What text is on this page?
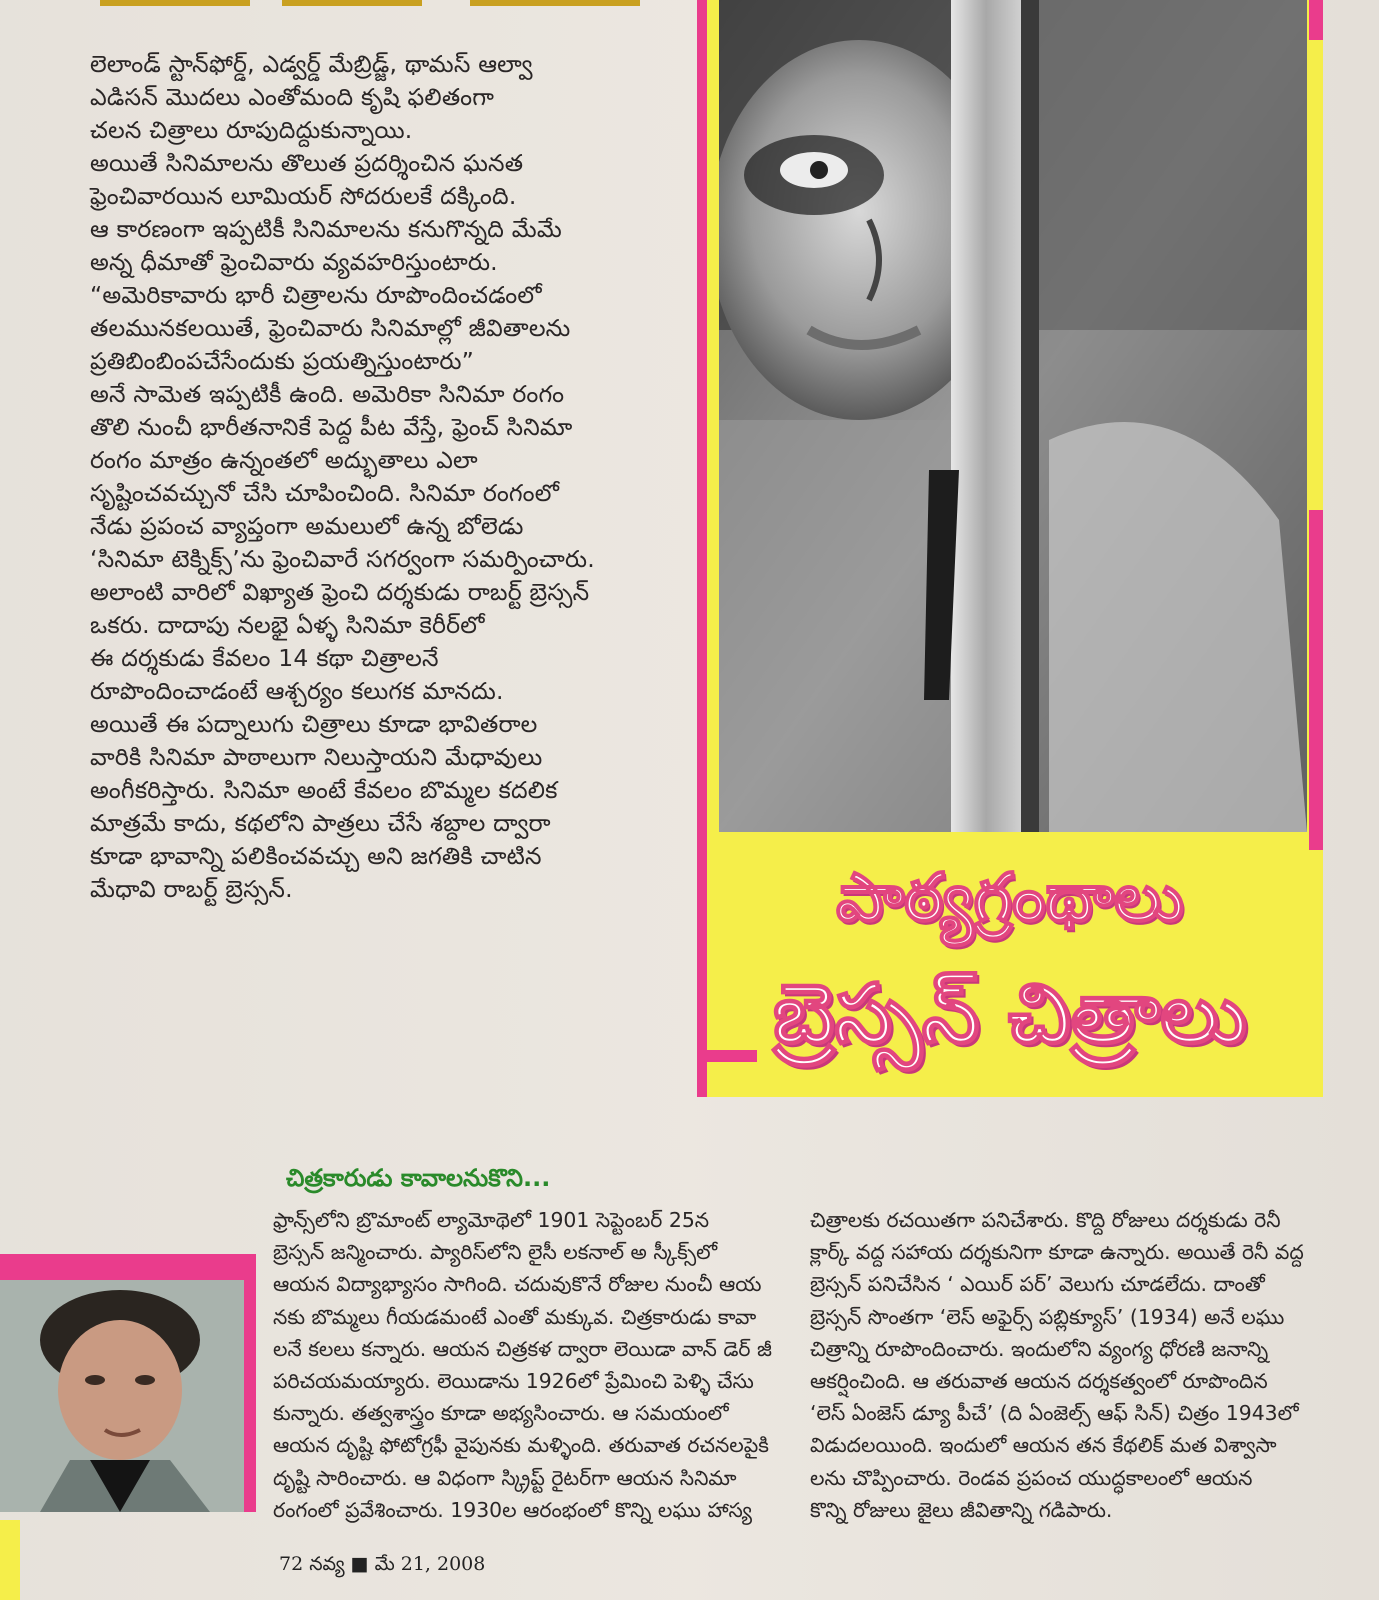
లెలాండ్ స్టాన్‌ఫోర్డ్, ఎడ్వర్డ్ మేబ్రిడ్జ్, థామస్ ఆల్వా

ఎడిసన్ మొదలు ఎంతోమంది కృషి ఫలితంగా

చలన చిత్రాలు రూపుదిద్దుకున్నాయి.

అయితే సినిమాలను తొలుత ప్రదర్శించిన ఘనత

ఫ్రెంచివారయిన లూమియర్ సోదరులకే దక్కింది.

ఆ కారణంగా ఇప్పటికీ సినిమాలను కనుగొన్నది మేమే

అన్న ధీమాతో ఫ్రెంచివారు వ్యవహరిస్తుంటారు.

“అమెరికావారు భారీ చిత్రాలను రూపొందించడంలో

తలమునకలయితే, ఫ్రెంచివారు సినిమాల్లో జీవితాలను

ప్రతిబింబింపచేసేందుకు ప్రయత్నిస్తుంటారు”

అనే సామెత ఇప్పటికీ ఉంది. అమెరికా సినిమా రంగం

తొలి నుంచీ భారీతనానికే పెద్ద పీట వేస్తే, ఫ్రెంచ్ సినిమా

రంగం మాత్రం ఉన్నంతలో అద్భుతాలు ఎలా

సృష్టించవచ్చునో చేసి చూపించింది. సినిమా రంగంలో

నేడు ప్రపంచ వ్యాప్తంగా అమలులో ఉన్న బోలెడు

‘సినిమా టెక్నిక్స్’ను ఫ్రెంచివారే సగర్వంగా సమర్పించారు.

అలాంటి వారిలో విఖ్యాత ఫ్రెంచి దర్శకుడు రాబర్ట్ బ్రెస్సన్

ఒకరు. దాదాపు నలభై ఏళ్ళ సినిమా కెరీర్‌లో

ఈ దర్శకుడు కేవలం 14 కథా చిత్రాలనే

రూపొందించాడంటే ఆశ్చర్యం కలుగక మానదు.

అయితే ఈ పద్నాలుగు చిత్రాలు కూడా భావితరాల

వారికి సినిమా పాఠాలుగా నిలుస్తాయని మేధావులు

అంగీకరిస్తారు. సినిమా అంటే కేవలం బొమ్మల కదలిక

మాత్రమే కాదు, కథలోని పాత్రలు చేసే శబ్దాల ద్వారా

కూడా భావాన్ని పలికించవచ్చు అని జగతికి చాటిన

మేధావి రాబర్ట్ బ్రెస్సన్.	పాఠ్యగ్రంథాలు
బ్రెస్సన్ చిత్రాలు
చిత్రకారుడు కావాలనుకొని...

ఫ్రాన్స్‌లోని బ్రొమాంట్ ల్యామోథెలో 1901 సెప్టెంబర్ 25న

బ్రెస్సన్ జన్మించారు. ప్యారిస్‌లోని లైసీ లకనాల్ అ స్కీక్స్‌లో

ఆయన విద్యాభ్యాసం సాగింది. చదువుకొనే రోజుల నుంచీ ఆయ

నకు బొమ్మలు గీయడమంటే ఎంతో మక్కువ. చిత్రకారుడు కావా

లనే కలలు కన్నారు. ఆయన చిత్రకళ ద్వారా లెయిడా వాన్ డెర్ జీ

పరిచయమయ్యారు. లెయిడాను 1926లో ప్రేమించి పెళ్ళి చేసు

కున్నారు. తత్వశాస్త్రం కూడా అభ్యసించారు. ఆ సమయంలో

ఆయన దృష్టి ఫోటోగ్రఫీ వైపునకు మళ్ళింది. తరువాత రచనలపైకి

దృష్టి సారించారు. ఆ విధంగా స్క్రిప్ట్ రైటర్‌గా ఆయన సినిమా

రంగంలో ప్రవేశించారు. 1930ల ఆరంభంలో కొన్ని లఘు హాస్య

చిత్రాలకు రచయితగా పనిచేశారు. కొద్ది రోజులు దర్శకుడు రెనీ

క్లార్క్ వద్ద సహాయ దర్శకునిగా కూడా ఉన్నారు. అయితే రెనీ వద్ద

బ్రెస్సన్ పనిచేసిన ‘ ఎయిర్ పర్’ వెలుగు చూడలేదు. దాంతో

బ్రెస్సన్ సొంతగా ‘లెస్ అఫైర్స్ పబ్లిక్యూస్’ (1934) అనే లఘు

చిత్రాన్ని రూపొందించారు. ఇందులోని వ్యంగ్య ధోరణి జనాన్ని

ఆకర్షించింది. ఆ తరువాత ఆయన దర్శకత్వంలో రూపొందిన

‘లెస్ ఏంజెస్ డ్యూ పీచే’ (ది ఏంజెల్స్ ఆఫ్ సిన్) చిత్రం 1943లో

విడుదలయింది. ఇందులో ఆయన తన కేథలిక్ మత విశ్వాసా

లను చొప్పించారు. రెండవ ప్రపంచ యుద్ధకాలంలో ఆయన

కొన్ని రోజులు జైలు జీవితాన్ని గడిపారు.

72 నవ్య ■ మే 21, 2008
